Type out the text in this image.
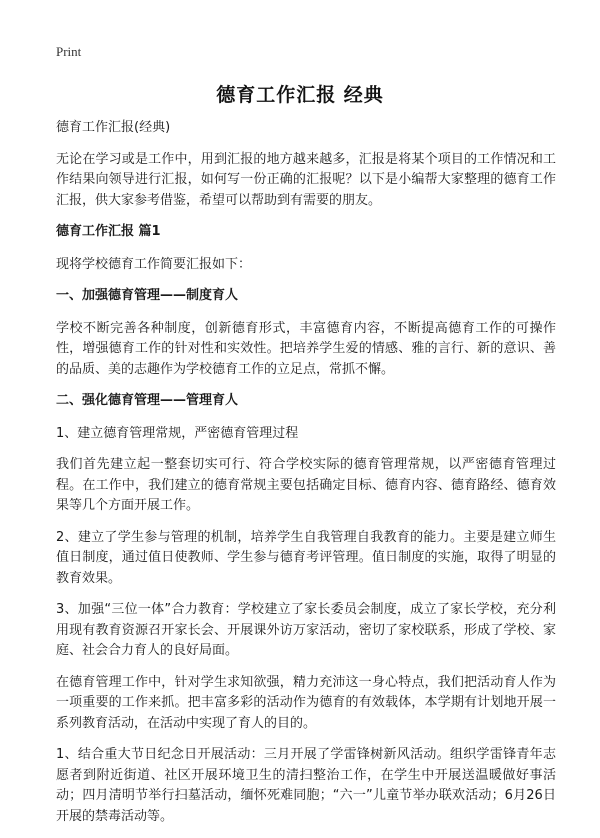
Print
德育工作汇报 经典

德育工作汇报(经典)

无论在学习或是工作中，用到汇报的地方越来越多，汇报是将某个项目的工作情况和工作结果向领导进行汇报，如何写一份正确的汇报呢？以下是小编帮大家整理的德育工作汇报，供大家参考借鉴，希望可以帮助到有需要的朋友。

德育工作汇报 篇1

现将学校德育工作简要汇报如下：

一、加强德育管理——制度育人

学校不断完善各种制度，创新德育形式，丰富德育内容，不断提高德育工作的可操作性，增强德育工作的针对性和实效性。把培养学生爱的情感、雅的言行、新的意识、善的品质、美的志趣作为学校德育工作的立足点，常抓不懈。

二、强化德育管理——管理育人

1、建立德育管理常规，严密德育管理过程

我们首先建立起一整套切实可行、符合学校实际的德育管理常规，以严密德育管理过程。在工作中，我们建立的德育常规主要包括确定目标、德育内容、德育路经、德育效果等几个方面开展工作。

2、建立了学生参与管理的机制，培养学生自我管理自我教育的能力。主要是建立师生值日制度，通过值日使教师、学生参与德育考评管理。值日制度的实施，取得了明显的教育效果。

3、加强“三位一体”合力教育：学校建立了家长委员会制度，成立了家长学校，充分利用现有教育资源召开家长会、开展课外访万家活动，密切了家校联系，形成了学校、家庭、社会合力育人的良好局面。

在德育管理工作中，针对学生求知欲强，精力充沛这一身心特点，我们把活动育人作为一项重要的工作来抓。把丰富多彩的活动作为德育的有效载体，本学期有计划地开展一系列教育活动，在活动中实现了育人的目的。

1、结合重大节日纪念日开展活动：三月开展了学雷锋树新风活动。组织学雷锋青年志愿者到附近街道、社区开展环境卫生的清扫整治工作，在学生中开展送温暖做好事活动；四月清明节举行扫墓活动，缅怀死难同胞；“六一”儿童节举办联欢活动；6月26日开展的禁毒活动等。
